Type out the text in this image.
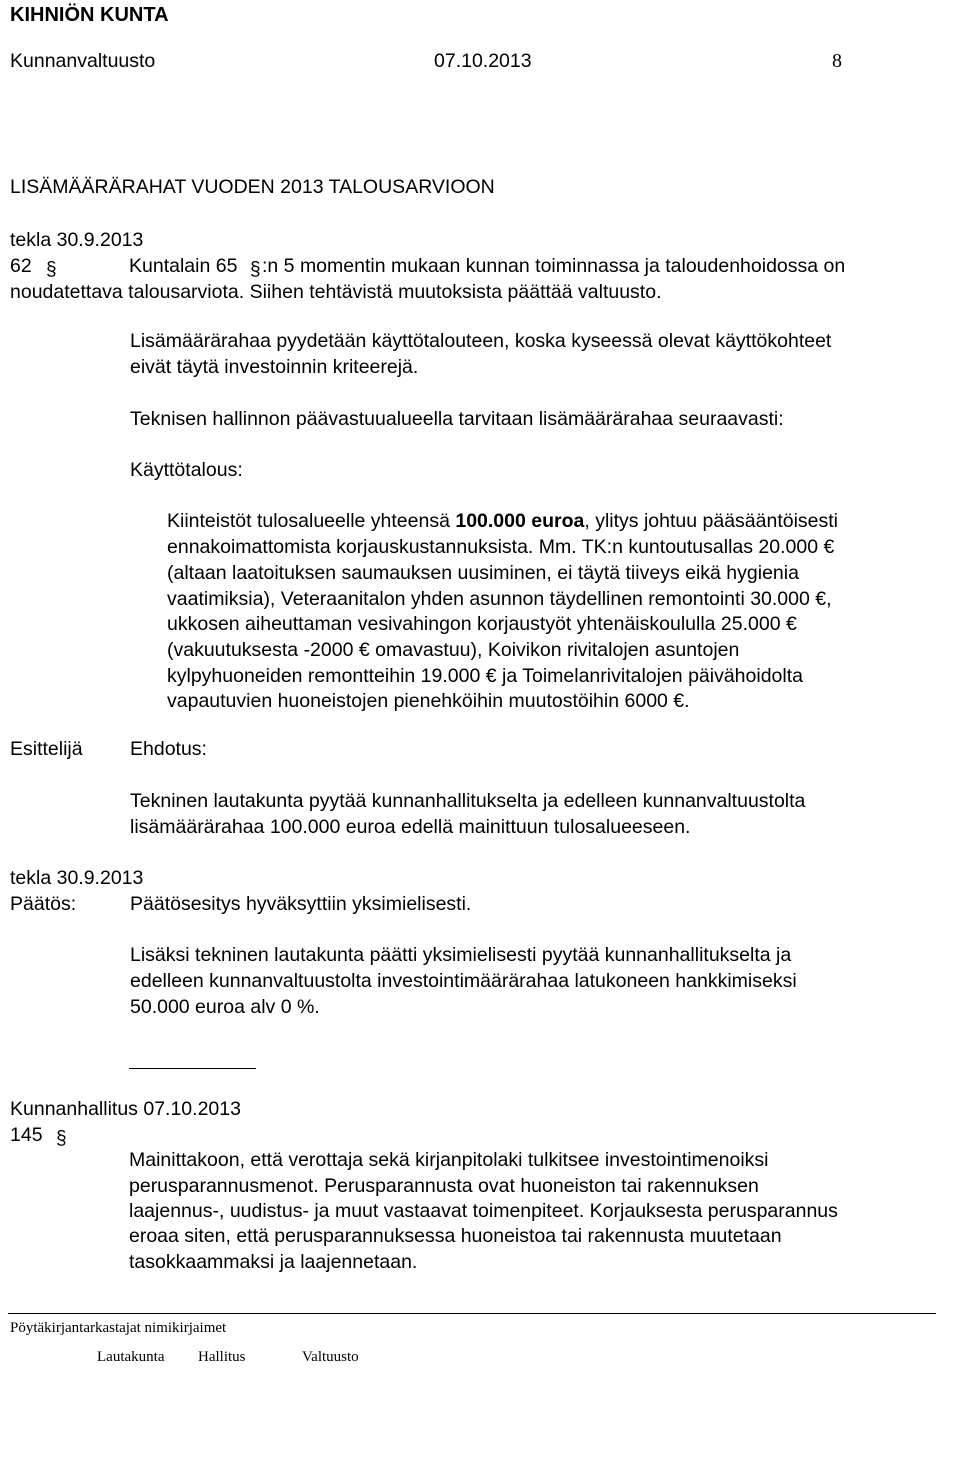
KIHNIÖN KUNTA
Kunnanvaltuusto	07.10.2013	8
LISÄMÄÄRÄRAHAT VUODEN 2013 TALOUSARVIOON
tekla 30.9.2013
62 §	Kuntalain 65 § :n 5 momentin mukaan kunnan toiminnassa ja taloudenhoidossa on
noudatettava talousarviota. Siihen tehtävistä muutoksista päättää valtuusto.
Lisämäärärahaa pyydetään käyttötalouteen, koska kyseessä olevat käyttökohteet
eivät täytä investoinnin kriteerejä.
Teknisen hallinnon päävastuualueella tarvitaan lisämäärärahaa seuraavasti:
Käyttötalous:
Kiinteistöt tulosalueelle yhteensä 100.000 euroa, ylitys johtuu pääsääntöisesti
ennakoimattomista korjauskustannuksista. Mm. TK:n kuntoutusallas 20.000 €
(altaan laatoituksen saumauksen uusiminen, ei täytä tiiveys eikä hygienia
vaatimiksia), Veteraanitalon yhden asunnon täydellinen remontointi 30.000 €,
ukkosen aiheuttaman vesivahingon korjaustyöt yhtenäiskoululla 25.000 €
(vakuutuksesta -2000 € omavastuu), Koivikon rivitalojen asuntojen
kylpyhuoneiden remontteihin 19.000 € ja Toimelanrivitalojen päivähoidolta
vapautuvien huoneistojen pienehköihin muutostöihin 6000 €.
Esittelijä Ehdotus:
Tekninen lautakunta pyytää kunnanhallitukselta ja edelleen kunnanvaltuustolta
lisämäärärahaa 100.000 euroa edellä mainittuun tulosalueeseen.
tekla 30.9.2013
Päätös:	Päätösesitys hyväksyttiin yksimielisesti.
Lisäksi tekninen lautakunta päätti yksimielisesti pyytää kunnanhallitukselta ja
edelleen kunnanvaltuustolta investointimäärärahaa latukoneen hankkimiseksi
50.000 euroa alv 0 %.
Kunnanhallitus 07.10.2013
145 §
Mainittakoon, että verottaja sekä kirjanpitolaki tulkitsee investointimenoiksi
perusparannusmenot. Perusparannusta ovat huoneiston tai rakennuksen
laajennus-, uudistus- ja muut vastaavat toimenpiteet. Korjauksesta perusparannus
eroaa siten, että perusparannuksessa huoneistoa tai rakennusta muutetaan
tasokkaammaksi ja laajennetaan.
Pöytäkirjantarkastajat nimikirjaimet
Lautakunta Hallitus	Valtuusto
